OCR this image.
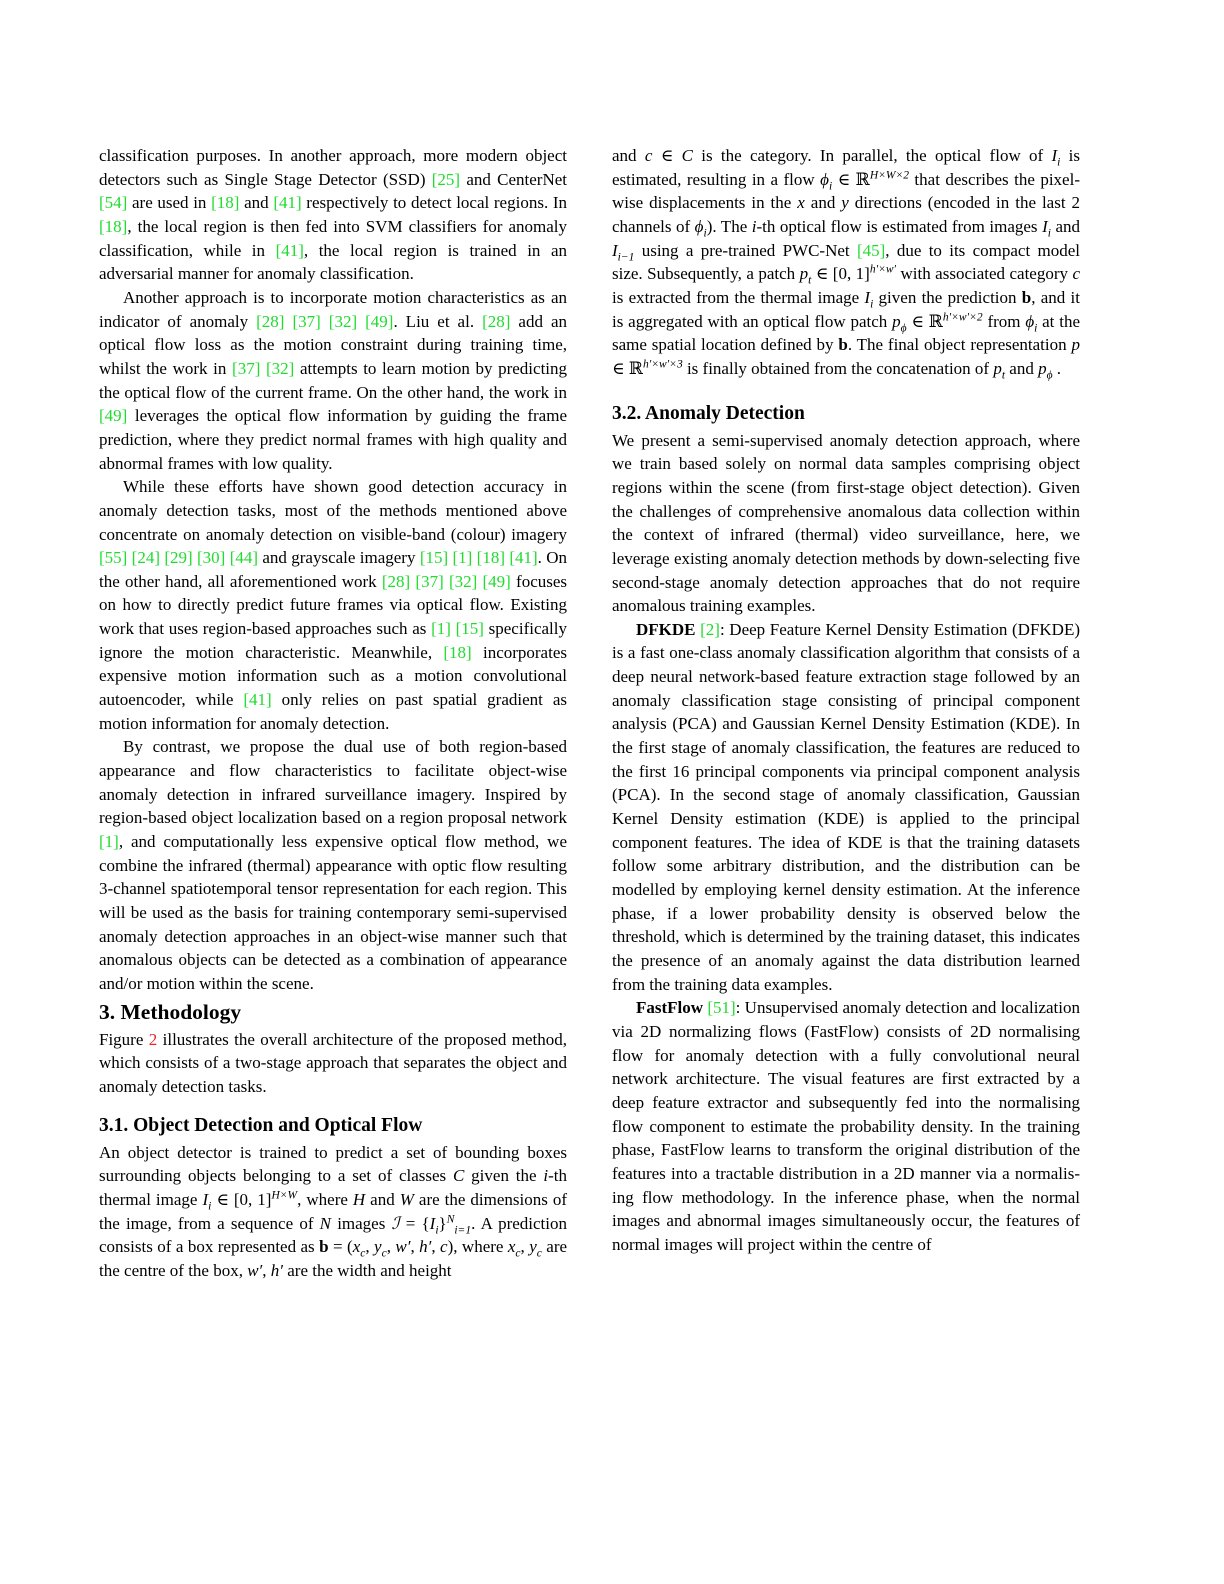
classification purposes. In another approach, more modern object detectors such as Single Stage Detector (SSD) [25] and CenterNet [54] are used in [18] and [41] respectively to detect local regions. In [18], the local region is then fed into SVM classifiers for anomaly classification, while in [41], the local region is trained in an adversarial manner for anomaly classification.

Another approach is to incorporate motion characteristics as an indicator of anomaly [28] [37] [32] [49]. Liu et al. [28] add an optical flow loss as the motion constraint during training time, whilst the work in [37] [32] attempts to learn motion by predicting the optical flow of the current frame. On the other hand, the work in [49] leverages the optical flow information by guiding the frame prediction, where they predict normal frames with high quality and abnormal frames with low quality.

While these efforts have shown good detection accuracy in anomaly detection tasks, most of the methods mentioned above concentrate on anomaly detection on visible-band (colour) imagery [55] [24] [29] [30] [44] and grayscale imagery [15] [1] [18] [41]. On the other hand, all aforementioned work [28] [37] [32] [49] focuses on how to directly predict future frames via optical flow. Existing work that uses region-based approaches such as [1] [15] specifically ignore the motion characteristic. Meanwhile, [18] incorporates expensive motion information such as a motion convolutional autoencoder, while [41] only relies on past spatial gradient as motion information for anomaly detection.

By contrast, we propose the dual use of both region-based appearance and flow characteristics to facilitate object-wise anomaly detection in infrared surveillance imagery. Inspired by region-based object localization based on a region proposal network [1], and computationally less expensive optical flow method, we combine the infrared (thermal) appearance with optic flow resulting 3-channel spatiotemporal tensor representation for each region. This will be used as the basis for training contemporary semi-supervised anomaly detection approaches in an object-wise manner such that anomalous objects can be detected as a combination of appearance and/or motion within the scene.

3. Methodology

Figure 2 illustrates the overall architecture of the proposed method, which consists of a two-stage approach that separates the object and anomaly detection tasks.

3.1. Object Detection and Optical Flow

An object detector is trained to predict a set of bounding boxes surrounding objects belonging to a set of classes C given the i-th thermal image $I_i$ ∈ [0, 1]$^{H\times W}$, where H and W are the dimensions of the image, from a sequence of N images ℐ = $\{I_i\}^N_{i=1}$. A prediction consists of a box represented as $b = (x_c$, $y_c$, w′, h′, c), where $x_c$, $y_c$ are the centre of the box, w′, h′ are the width and height

and c ∈ C is the category. In parallel, the optical flow of $I_i$ is estimated, resulting in a flow $\phi_i$ ∈ ℝ$^{H\times W\times 2}$ that describes the pixel-wise displacements in the x and y directions (encoded in the last 2 channels of $\phi_i$). The i-th optical flow is estimated from images $I_i$ and $I_{i-1}$ using a pre-trained PWC-Net [45], due to its compact model size. Subsequently, a patch $p_t$ ∈ [0, 1]$^{h'\times w'}$ with associated category c is extracted from the thermal image $I_i$ given the prediction b, and it is aggregated with an optical flow patch $p_\phi$ ∈ ℝ$^{h'\times w'\times 2}$ from $\phi_i$ at the same spatial location defined by b. The final object representation p ∈ ℝ$^{h'\times w'\times 3}$ is finally obtained from the concatenation of $p_t$ and $p_\phi$ .

3.2. Anomaly Detection

We present a semi-supervised anomaly detection approach, where we train based solely on normal data samples comprising object regions within the scene (from first-stage object detection). Given the challenges of comprehensive anomalous data collection within the context of infrared (thermal) video surveillance, here, we leverage existing anomaly detection methods by down-selecting five second-stage anomaly detection approaches that do not require anomalous training examples.

DFKDE [2]: Deep Feature Kernel Density Estimation (DFKDE) is a fast one-class anomaly classification algorithm that consists of a deep neural network-based feature extraction stage followed by an anomaly classification stage consisting of principal component analysis (PCA) and Gaussian Kernel Density Estimation (KDE). In the first stage of anomaly classification, the features are reduced to the first 16 principal components via principal component analysis (PCA). In the second stage of anomaly classification, Gaussian Kernel Density estimation (KDE) is applied to the principal component features. The idea of KDE is that the training datasets follow some arbitrary distribution, and the distribution can be modelled by employing kernel density estimation. At the inference phase, if a lower probability density is observed below the threshold, which is determined by the training dataset, this indicates the presence of an anomaly against the data distribution learned from the training data examples.

FastFlow [51]: Unsupervised anomaly detection and localization via 2D normalizing flows (FastFlow) consists of 2D normalising flow for anomaly detection with a fully convolutional neural network architecture. The visual features are first extracted by a deep feature extractor and subsequently fed into the normalising flow component to estimate the probability density. In the training phase, FastFlow learns to transform the original distribution of the features into a tractable distribution in a 2D manner via a normalising flow methodology. In the inference phase, when the normal images and abnormal images simultaneously occur, the features of normal images will project within the centre of
